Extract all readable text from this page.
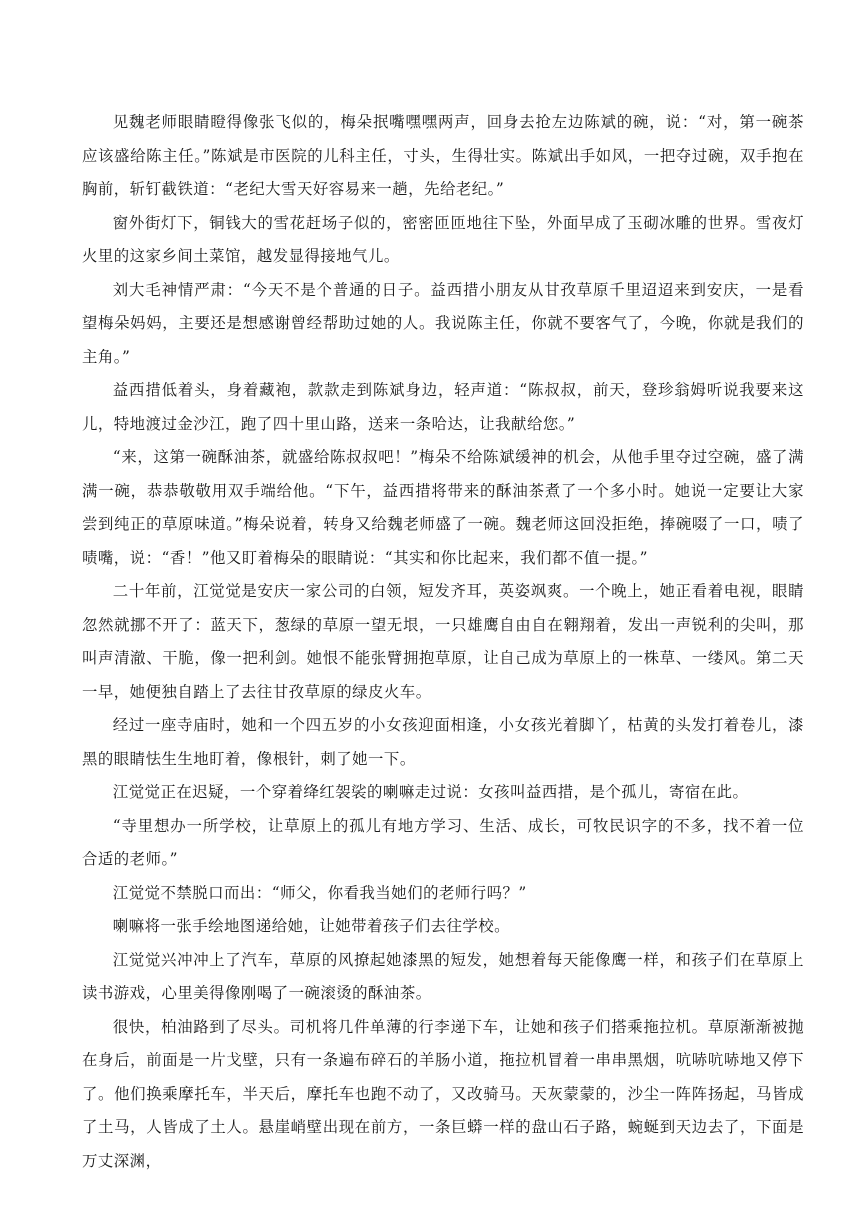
见魏老师眼睛瞪得像张飞似的，梅朵抿嘴嘿嘿两声，回身去抢左边陈斌的碗，说：“对，第一碗茶应该盛给陈主任。”陈斌是市医院的儿科主任，寸头，生得壮实。陈斌出手如风，一把夺过碗，双手抱在胸前，斩钉截铁道：“老纪大雪天好容易来一趟，先给老纪。”

窗外街灯下，铜钱大的雪花赶场子似的，密密匝匝地往下坠，外面早成了玉砌冰雕的世界。雪夜灯火里的这家乡间土菜馆，越发显得接地气儿。

刘大毛神情严肃：“今天不是个普通的日子。益西措小朋友从甘孜草原千里迢迢来到安庆，一是看望梅朵妈妈，主要还是想感谢曾经帮助过她的人。我说陈主任，你就不要客气了，今晚，你就是我们的主角。”

益西措低着头，身着藏袍，款款走到陈斌身边，轻声道：“陈叔叔，前天，登珍翁姆听说我要来这儿，特地渡过金沙江，跑了四十里山路，送来一条哈达，让我献给您。”

“来，这第一碗酥油茶，就盛给陈叔叔吧！”梅朵不给陈斌缓神的机会，从他手里夺过空碗，盛了满满一碗，恭恭敬敬用双手端给他。“下午，益西措将带来的酥油茶煮了一个多小时。她说一定要让大家尝到纯正的草原味道。”梅朵说着，转身又给魏老师盛了一碗。魏老师这回没拒绝，捧碗啜了一口，啧了啧嘴，说：“香！”他又盯着梅朵的眼睛说：“其实和你比起来，我们都不值一提。”

二十年前，江觉觉是安庆一家公司的白领，短发齐耳，英姿飒爽。一个晚上，她正看着电视，眼睛忽然就挪不开了：蓝天下，葱绿的草原一望无垠，一只雄鹰自由自在翱翔着，发出一声锐利的尖叫，那叫声清澈、干脆，像一把利剑。她恨不能张臂拥抱草原，让自己成为草原上的一株草、一缕风。第二天一早，她便独自踏上了去往甘孜草原的绿皮火车。

经过一座寺庙时，她和一个四五岁的小女孩迎面相逢，小女孩光着脚丫，枯黄的头发打着卷儿，漆黑的眼睛怯生生地盯着，像根针，刺了她一下。

江觉觉正在迟疑，一个穿着绛红袈裟的喇嘛走过说：女孩叫益西措，是个孤儿，寄宿在此。

“寺里想办一所学校，让草原上的孤儿有地方学习、生活、成长，可牧民识字的不多，找不着一位合适的老师。”

江觉觉不禁脱口而出：“师父，你看我当她们的老师行吗？”

喇嘛将一张手绘地图递给她，让她带着孩子们去往学校。

江觉觉兴冲冲上了汽车，草原的风撩起她漆黑的短发，她想着每天能像鹰一样，和孩子们在草原上读书游戏，心里美得像刚喝了一碗滚烫的酥油茶。

很快，柏油路到了尽头。司机将几件单薄的行李递下车，让她和孩子们搭乘拖拉机。草原渐渐被抛在身后，前面是一片戈壁，只有一条遍布碎石的羊肠小道，拖拉机冒着一串串黑烟，吭哧吭哧地又停下了。他们换乘摩托车，半天后，摩托车也跑不动了，又改骑马。天灰蒙蒙的，沙尘一阵阵扬起，马皆成了土马，人皆成了土人。悬崖峭壁出现在前方，一条巨蟒一样的盘山石子路，蜿蜒到天边去了，下面是万丈深渊，
